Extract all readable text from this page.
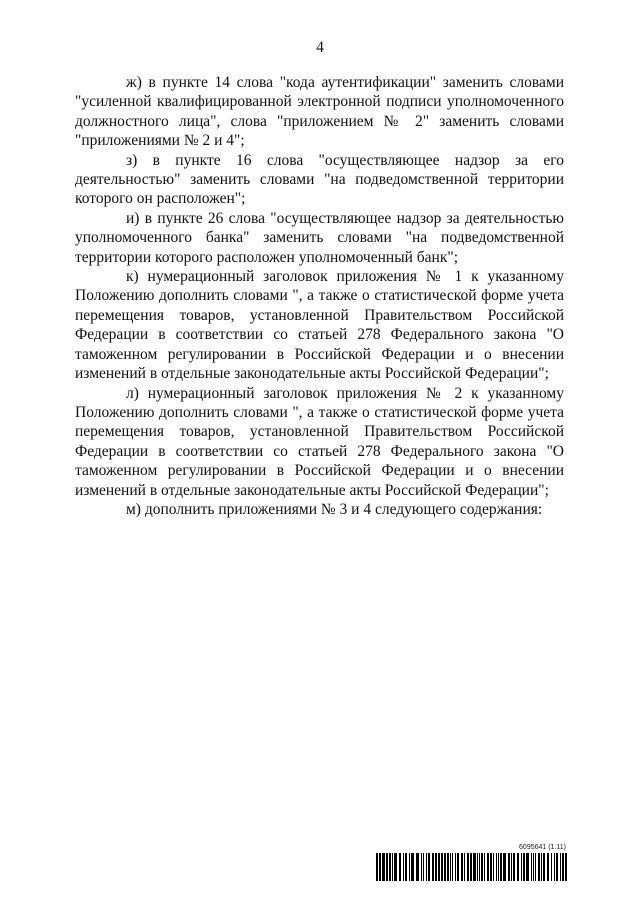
4

ж) в пункте 14 слова "кода аутентификации" заменить словами "усиленной квалифицированной электронной подписи уполномоченного должностного лица", слова "приложением № 2" заменить словами "приложениями № 2 и 4";

з) в пункте 16 слова "осуществляющее надзор за его деятельностью" заменить словами "на подведомственной территории которого он расположен";

и) в пункте 26 слова "осуществляющее надзор за деятельностью уполномоченного банка" заменить словами "на подведомственной территории которого расположен уполномоченный банк";

к) нумерационный заголовок приложения № 1 к указанному Положению дополнить словами ", а также о статистической форме учета перемещения товаров, установленной Правительством Российской Федерации в соответствии со статьей 278 Федерального закона "О таможенном регулировании в Российской Федерации и о внесении изменений в отдельные законодательные акты Российской Федерации";

л) нумерационный заголовок приложения № 2 к указанному Положению дополнить словами ", а также о статистической форме учета перемещения товаров, установленной Правительством Российской Федерации в соответствии со статьей 278 Федерального закона "О таможенном регулировании в Российской Федерации и о внесении изменений в отдельные законодательные акты Российской Федерации";

м) дополнить приложениями № 3 и 4 следующего содержания:

6095641 (1.11)
